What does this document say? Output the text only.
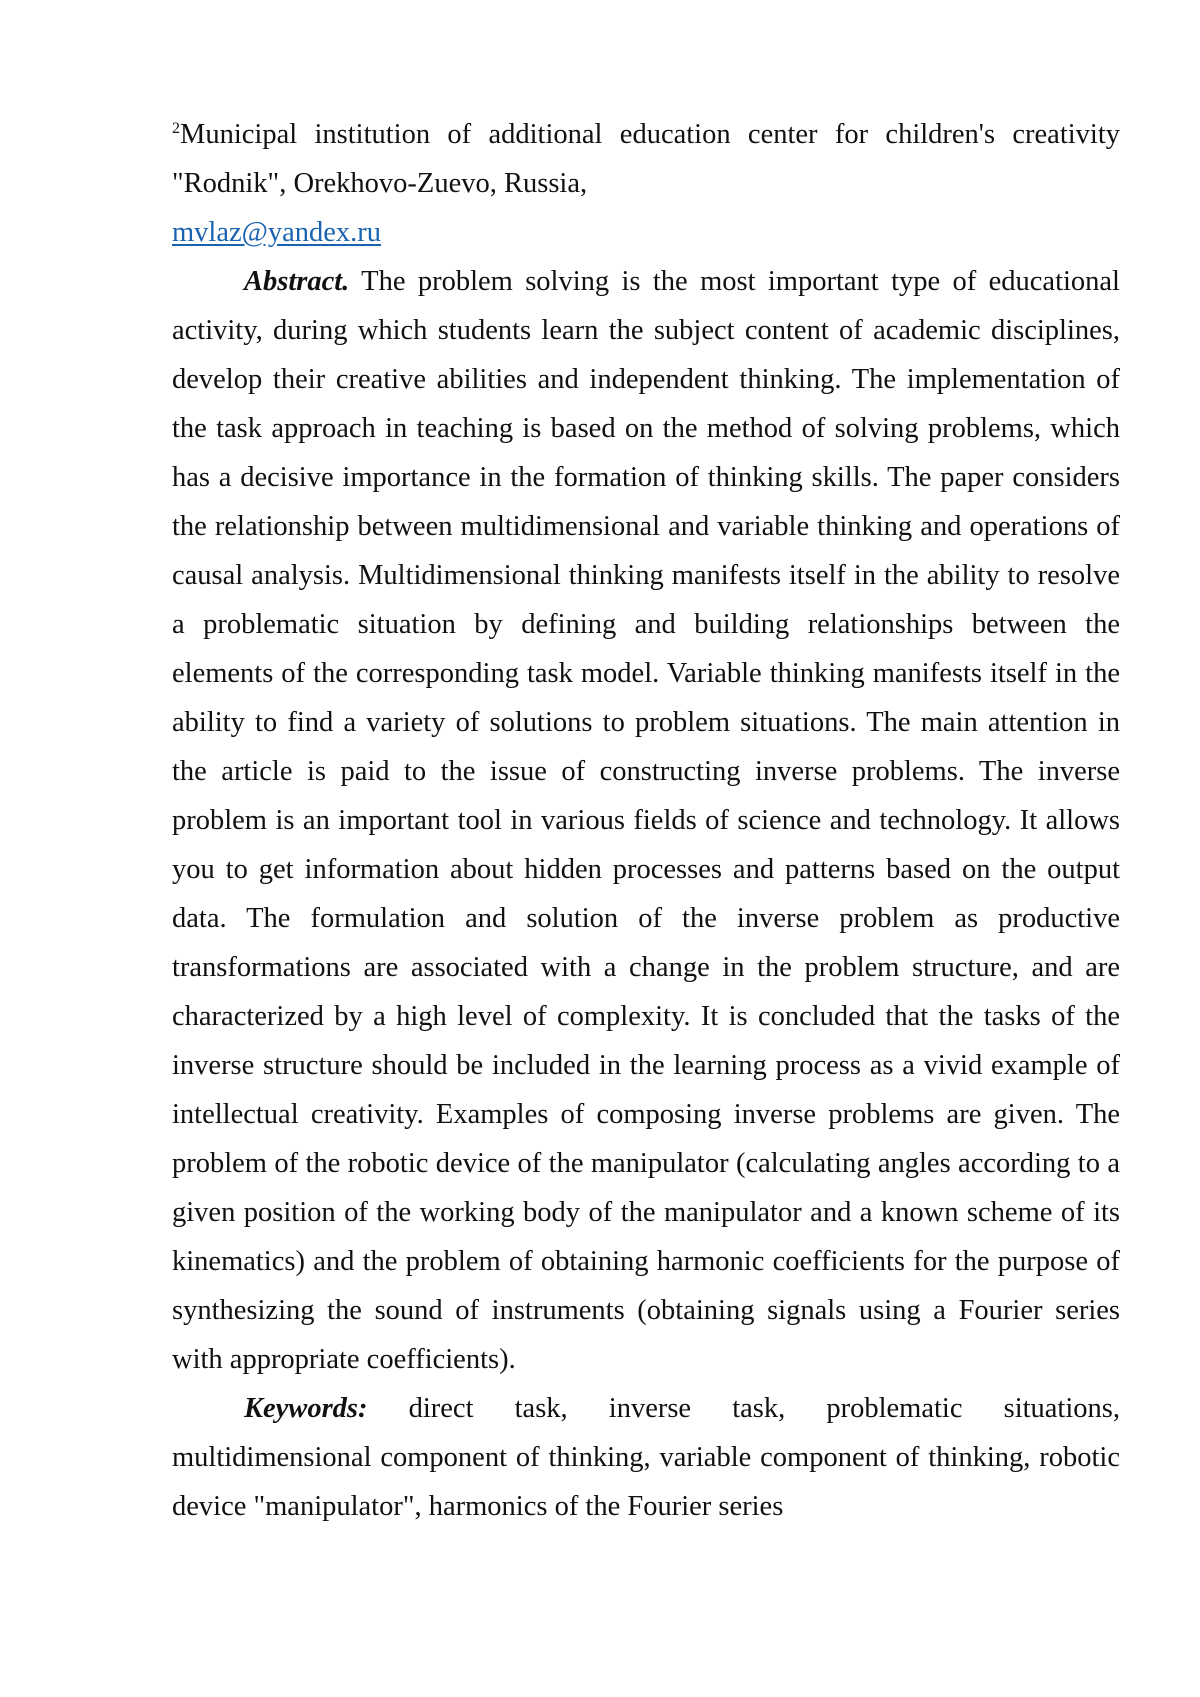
$^2$Municipal institution of additional education center for children's creativity "Rodnik", Orekhovo-Zuevo, Russia,

mvlaz@yandex.ru

Abstract. The problem solving is the most important type of educational activity, during which students learn the subject content of academic disciplines, develop their creative abilities and independent thinking. The implementation of the task approach in teaching is based on the method of solving problems, which has a decisive importance in the formation of thinking skills. The paper considers the relationship between multidimensional and variable thinking and operations of causal analysis. Multidimensional thinking manifests itself in the ability to resolve a problematic situation by defining and building relationships between the elements of the corresponding task model. Variable thinking manifests itself in the ability to find a variety of solutions to problem situations. The main attention in the article is paid to the issue of constructing inverse problems. The inverse problem is an important tool in various fields of science and technology. It allows you to get information about hidden processes and patterns based on the output data. The formulation and solution of the inverse problem as productive transformations are associated with a change in the problem structure, and are characterized by a high level of complexity. It is concluded that the tasks of the inverse structure should be included in the learning process as a vivid example of intellectual creativity. Examples of composing inverse problems are given. The problem of the robotic device of the manipulator (calculating angles according to a given position of the working body of the manipulator and a known scheme of its kinematics) and the problem of obtaining harmonic coefficients for the purpose of synthesizing the sound of instruments (obtaining signals using a Fourier series with appropriate coefficients).

Keywords: direct task, inverse task, problematic situations, multidimensional component of thinking, variable component of thinking, robotic device "manipulator", harmonics of the Fourier series
